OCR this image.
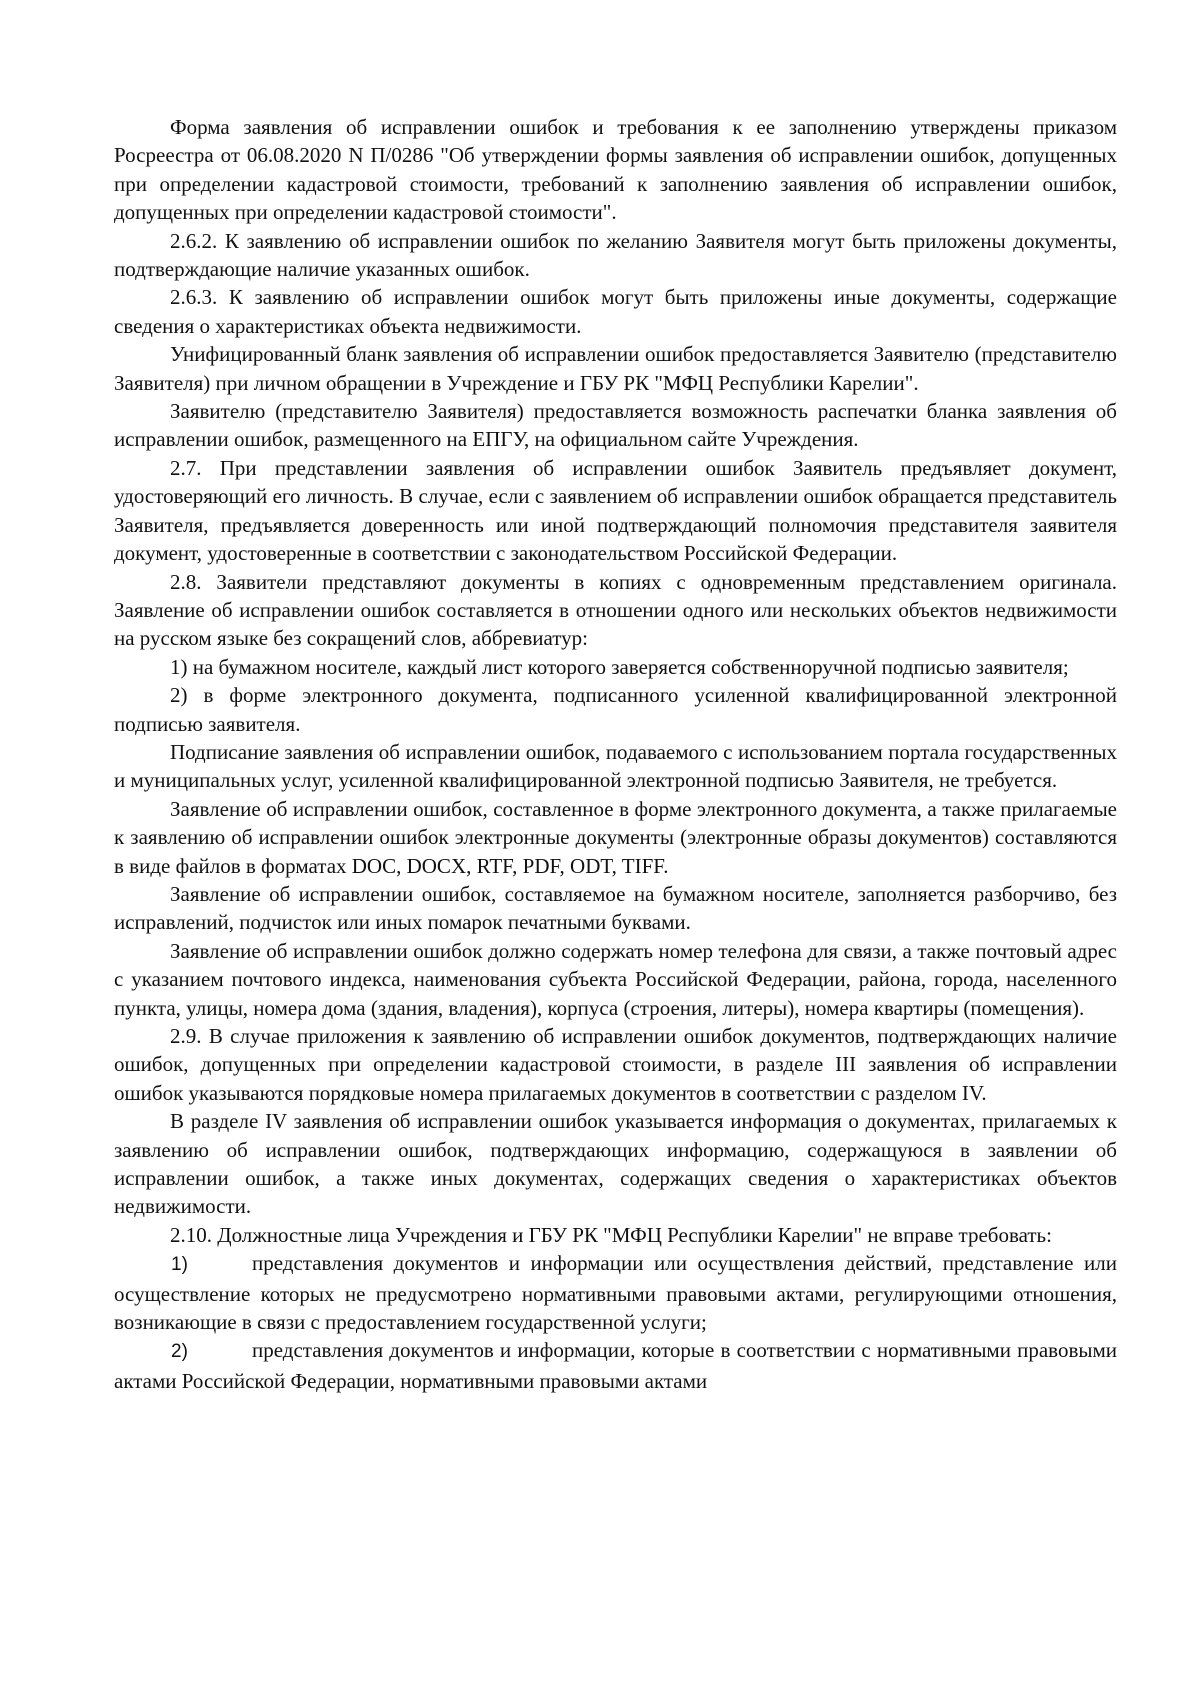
Форма заявления об исправлении ошибок и требования к ее заполнению утверждены приказом Росреестра от 06.08.2020 N П/0286 "Об утверждении формы заявления об исправлении ошибок, допущенных при определении кадастровой стоимости, требований к заполнению заявления об исправлении ошибок, допущенных при определении кадастровой стоимости".

2.6.2. К заявлению об исправлении ошибок по желанию Заявителя могут быть приложены документы, подтверждающие наличие указанных ошибок.

2.6.3. К заявлению об исправлении ошибок могут быть приложены иные документы, содержащие сведения о характеристиках объекта недвижимости.

Унифицированный бланк заявления об исправлении ошибок предоставляется Заявителю (представителю Заявителя) при личном обращении в Учреждение и ГБУ РК "МФЦ Республики Карелии".

Заявителю (представителю Заявителя) предоставляется возможность распечатки бланка заявления об исправлении ошибок, размещенного на ЕПГУ, на официальном сайте Учреждения.

2.7. При представлении заявления об исправлении ошибок Заявитель предъявляет документ, удостоверяющий его личность. В случае, если с заявлением об исправлении ошибок обращается представитель Заявителя, предъявляется доверенность или иной подтверждающий полномочия представителя заявителя документ, удостоверенные в соответствии с законодательством Российской Федерации.

2.8. Заявители представляют документы в копиях с одновременным представлением оригинала. Заявление об исправлении ошибок составляется в отношении одного или нескольких объектов недвижимости на русском языке без сокращений слов, аббревиатур:

1) на бумажном носителе, каждый лист которого заверяется собственноручной подписью заявителя;

2) в форме электронного документа, подписанного усиленной квалифицированной электронной подписью заявителя.

Подписание заявления об исправлении ошибок, подаваемого с использованием портала государственных и муниципальных услуг, усиленной квалифицированной электронной подписью Заявителя, не требуется.

Заявление об исправлении ошибок, составленное в форме электронного документа, а также прилагаемые к заявлению об исправлении ошибок электронные документы (электронные образы документов) составляются в виде файлов в форматах DOC, DOCX, RTF, PDF, ODT, TIFF.

Заявление об исправлении ошибок, составляемое на бумажном носителе, заполняется разборчиво, без исправлений, подчисток или иных помарок печатными буквами.

Заявление об исправлении ошибок должно содержать номер телефона для связи, а также почтовый адрес с указанием почтового индекса, наименования субъекта Российской Федерации, района, города, населенного пункта, улицы, номера дома (здания, владения), корпуса (строения, литеры), номера квартиры (помещения).

2.9. В случае приложения к заявлению об исправлении ошибок документов, подтверждающих наличие ошибок, допущенных при определении кадастровой стоимости, в разделе III заявления об исправлении ошибок указываются порядковые номера прилагаемых документов в соответствии с разделом IV.

В разделе IV заявления об исправлении ошибок указывается информация о документах, прилагаемых к заявлению об исправлении ошибок, подтверждающих информацию, содержащуюся в заявлении об исправлении ошибок, а также иных документах, содержащих сведения о характеристиках объектов недвижимости.

2.10. Должностные лица Учреждения и ГБУ РК "МФЦ Республики Карелии" не вправе требовать:

1)	представления документов и информации или осуществления действий, представление или осуществление которых не предусмотрено нормативными правовыми актами, регулирующими отношения, возникающие в связи с предоставлением государственной услуги;

2)	представления документов и информации, которые в соответствии с нормативными правовыми актами Российской Федерации, нормативными правовыми актами
